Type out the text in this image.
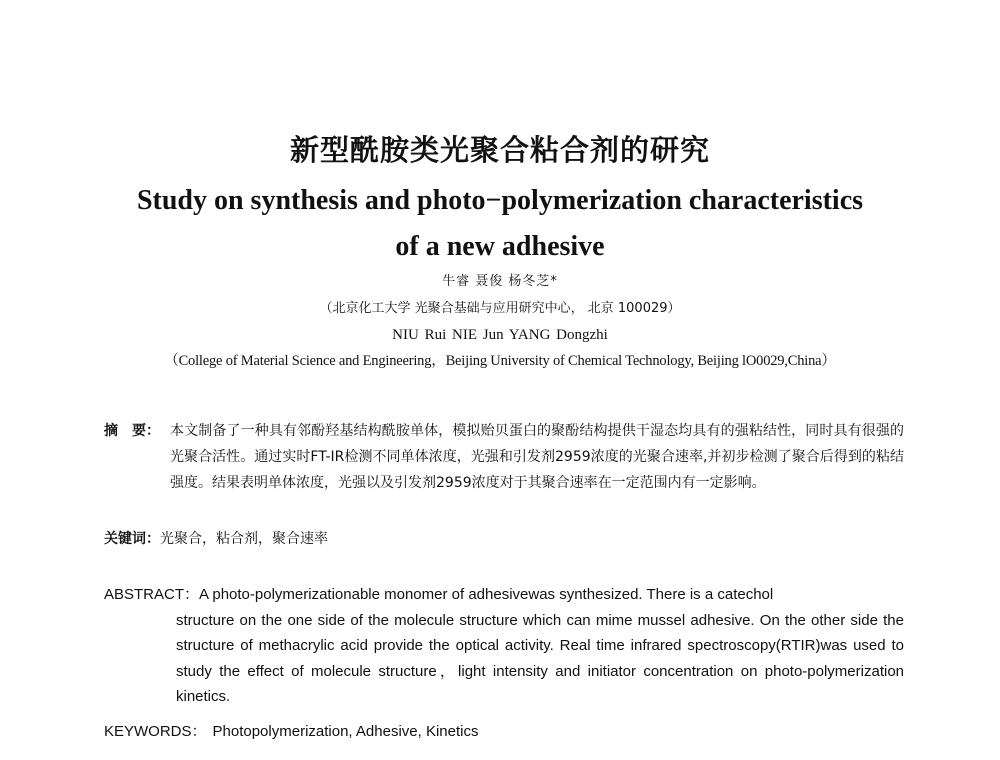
新型酰胺类光聚合粘合剂的研究
Study on synthesis and photo−polymerization characteristics
of a new adhesive
牛睿 聂俊 杨冬芝*
（北京化工大学 光聚合基础与应用研究中心， 北京 100029）
NIU Rui NIE Jun YANG Dongzhi
（College of Material Science and Engineering，Beijing University of Chemical Technology, Beijing lO0029,China）
摘　要： 本文制备了一种具有邻酚羟基结构酰胺单体，模拟贻贝蛋白的聚酚结构提供干湿态均具有的强粘结性，同时具有很强的光聚合活性。通过实时FT-IR检测不同单体浓度，光强和引发剂2959浓度的光聚合速率,并初步检测了聚合后得到的粘结强度。结果表明单体浓度，光强以及引发剂2959浓度对于其聚合速率在一定范围内有一定影响。
关键词： 光聚合，粘合剂，聚合速率
ABSTRACT：A photo-polymerizationable monomer of adhesivewas synthesized. There is a catechol
structure on the one side of the molecule structure which can mime mussel adhesive. On the other side the structure of methacrylic acid provide the optical activity. Real time infrared spectroscopy(RTIR)was used to study the effect of molecule structure，light intensity and initiator concentration on photo-polymerization kinetics.
KEYWORDS： Photopolymerization, Adhesive, Kinetics
